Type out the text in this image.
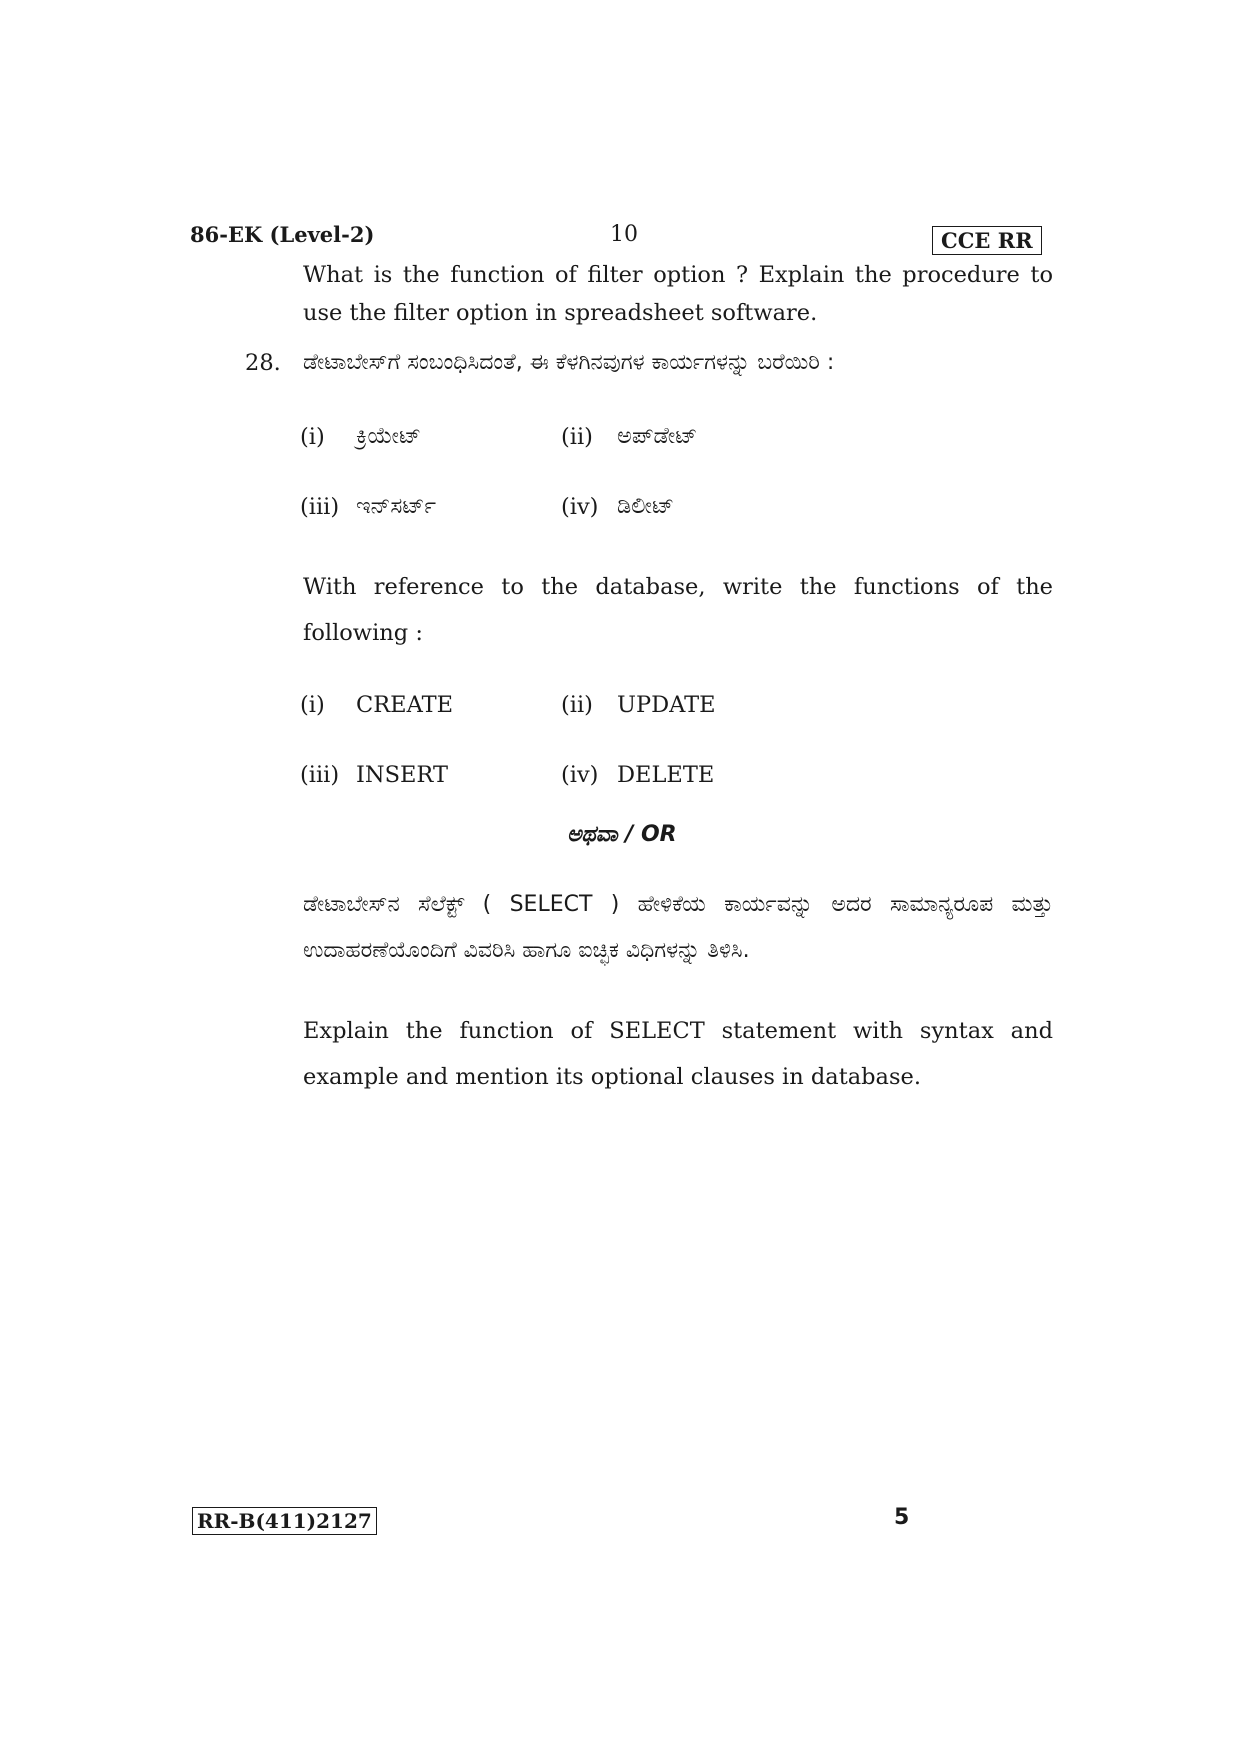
86-EK (Level-2)	10	CCE RR
What is the function of filter option ? Explain the procedure to use the filter option in spreadsheet software.
28. ಡೇಟಾಬೇಸ್‌ಗೆ ಸಂಬಂಧಿಸಿದಂತೆ, ಈ ಕೆಳಗಿನವುಗಳ ಕಾರ್ಯಗಳನ್ನು ಬರೆಯಿರಿ :
(i) ಕ್ರಿಯೇಟ್	(ii) ಅಪ್‌ಡೇಟ್
(iii) ಇನ್‌ಸರ್ಟ್	(iv) ಡಿಲೀಟ್
With reference to the database, write the functions of the following :
(i) CREATE	(ii) UPDATE
(iii) INSERT	(iv) DELETE
ಅಥವಾ / OR
ಡೇಟಾಬೇಸ್‌ನ ಸೆಲೆಕ್ಟ್ ( SELECT ) ಹೇಳಿಕೆಯ ಕಾರ್ಯವನ್ನು ಅದರ ಸಾಮಾನ್ಯರೂಪ ಮತ್ತು ಉದಾಹರಣೆಯೊಂದಿಗೆ ವಿವರಿಸಿ ಹಾಗೂ ಐಚ್ಛಿಕ ವಿಧಿಗಳನ್ನು ತಿಳಿಸಿ.
Explain the function of SELECT statement with syntax and example and mention its optional clauses in database.
RR-B(411)2127	5
